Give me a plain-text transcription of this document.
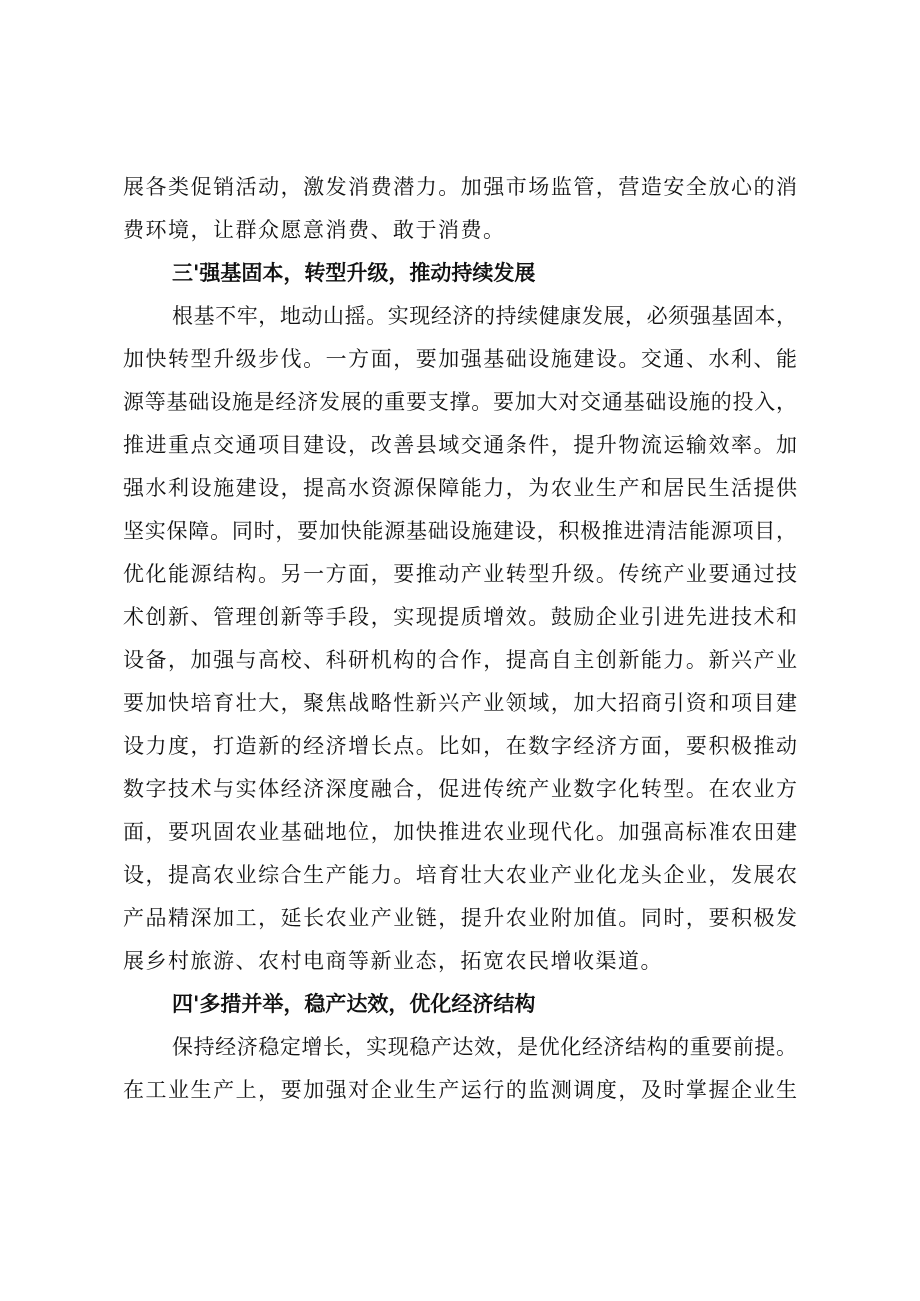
展各类促销活动，激发消费潜力。加强市场监管，营造安全放心的消
费环境，让群众愿意消费、敢于消费。
三'强基固本，转型升级，推动持续发展
根基不牢，地动山摇。实现经济的持续健康发展，必须强基固本，
加快转型升级步伐。一方面，要加强基础设施建设。交通、水利、能
源等基础设施是经济发展的重要支撑。要加大对交通基础设施的投入，
推进重点交通项目建设，改善县域交通条件，提升物流运输效率。加
强水利设施建设，提高水资源保障能力，为农业生产和居民生活提供
坚实保障。同时，要加快能源基础设施建设，积极推进清洁能源项目，
优化能源结构。另一方面，要推动产业转型升级。传统产业要通过技
术创新、管理创新等手段，实现提质增效。鼓励企业引进先进技术和
设备，加强与高校、科研机构的合作，提高自主创新能力。新兴产业
要加快培育壮大，聚焦战略性新兴产业领域，加大招商引资和项目建
设力度，打造新的经济增长点。比如，在数字经济方面，要积极推动
数字技术与实体经济深度融合，促进传统产业数字化转型。在农业方
面，要巩固农业基础地位，加快推进农业现代化。加强高标准农田建
设，提高农业综合生产能力。培育壮大农业产业化龙头企业，发展农
产品精深加工，延长农业产业链，提升农业附加值。同时，要积极发
展乡村旅游、农村电商等新业态，拓宽农民增收渠道。
四'多措并举，稳产达效，优化经济结构
保持经济稳定增长，实现稳产达效，是优化经济结构的重要前提。
在工业生产上，要加强对企业生产运行的监测调度，及时掌握企业生
